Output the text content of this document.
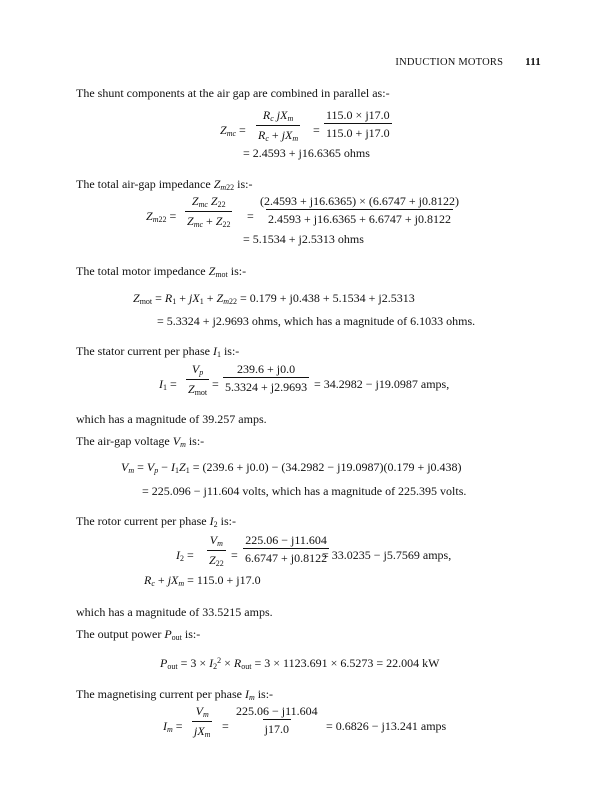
INDUCTION MOTORS 111
The shunt components at the air gap are combined in parallel as:-
$Z_{mc}$ =
$R_c$ $jX_m$
$R_c + jX_m$
= $\frac{115.0 \times j17.0}{115.0 + j17.0}$
= 2.4593 + j16.6365 ohms
The total air-gap impedance $Z_{m22}$ is:-
$Z_{m22}$ =
$Z_{mc}$ $Z_{22}$
$Z_{mc} + Z_{22}$
= $\frac{(2.4593 + j16.6365) \times (6.6747 + j0.8122)}{2.4593 + j16.6365 + 6.6747 + j0.8122}$
= 5.1534 + j2.5313 ohms
The total motor impedance $Z_{mot}$ is:-
$Z_{mot} = R_1 + jX_1 + Z_{m22} = 0.179 + j0.438 + 5.1534 + j2.5313$
= 5.3324 + j2.9693 ohms, which has a magnitude of 6.1033 ohms.
The stator current per phase $I_1$ is:-
$I_1$ =
$V_p$
$Z_{mot}$
= $\frac{239.6 + j0.0}{5.3324 + j2.9693} = 34.2982 - j19.0987$ amps,
which has a magnitude of 39.257 amps.
The air-gap voltage $V_m$ is:-
$V_m = V_p - I_1Z_1 = (239.6 + j0.0) - (34.2982 - j19.0987)(0.179 + j0.438)$
= 225.096 − j11.604 volts, which has a magnitude of 225.395 volts.
The rotor current per phase $I_2$ is:-
$I_2 = \frac{V_m}{Z_{22}} = \frac{225.06 - j11.604}{6.6747 + j0.8122}$
= 33.0235 − j5.7569 amps,
$R_c + jX_m = 115.0 + j17.0$
which has a magnitude of 33.5215 amps.
The output power $P_{out}$ is:-
$P_{out} = 3 \times I_2^2 \times R_{out} = 3 \times 1123.691 \times 6.5273 = 22.004$ kW
The magnetising current per phase $I_m$ is:-
$I_m$ =
$V_m$
$jX_m$
= $\frac{225.06 - j11.604}{j17.0} = 0.6826 - j13.241$ amps
